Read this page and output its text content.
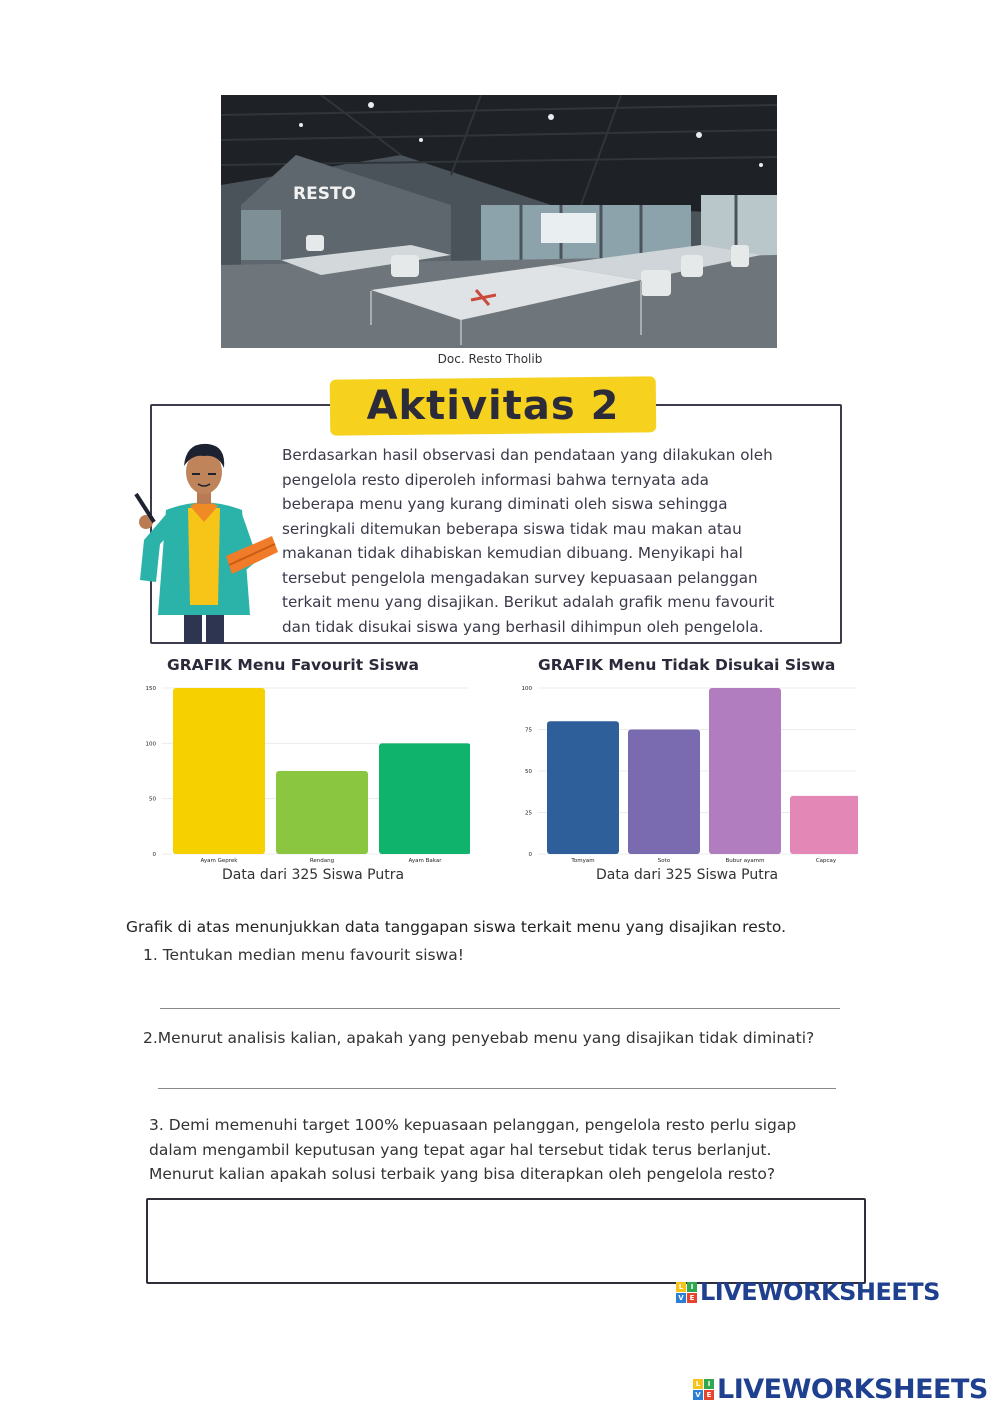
RESTO
Doc. Resto Tholib
Aktivitas 2
Berdasarkan hasil observasi dan pendataan yang dilakukan oleh
pengelola resto diperoleh informasi bahwa ternyata ada
beberapa menu yang kurang diminati oleh siswa sehingga
seringkali ditemukan beberapa siswa tidak mau makan atau
makanan tidak dihabiskan kemudian dibuang. Menyikapi hal
tersebut pengelola mengadakan survey kepuasaan pelanggan
terkait menu yang disajikan. Berikut adalah grafik menu favourit
dan tidak disukai siswa yang berhasil dihimpun oleh pengelola.
GRAFIK Menu Favourit Siswa
0
50
100
150
Ayam Geprek	Rendang	Ayam Bakar
Data dari 325 Siswa Putra
GRAFIK Menu Tidak Disukai Siswa
0
25
50
75
100
Tomyam	Soto	Bubur ayamm	Capcay
Data dari 325 Siswa Putra
Grafik di atas menunjukkan data tanggapan siswa terkait menu yang disajikan resto.
1. Tentukan median menu favourit siswa!
2.Menurut analisis kalian, apakah yang penyebab menu yang disajikan tidak diminati?
3. Demi memenuhi target 100% kepuasaan pelanggan, pengelola resto perlu sigap
dalam mengambil keputusan yang tepat agar hal tersebut tidak terus berlanjut.
Menurut kalian apakah solusi terbaik yang bisa diterapkan oleh pengelola resto?
L	I
V E LIVEWORKSHEETS
L	I
V E LIVEWORKSHEETS
